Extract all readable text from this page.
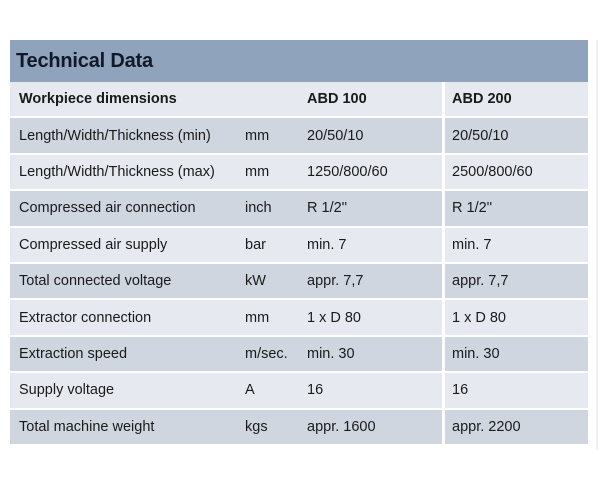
Technical Data
Workpiece dimensions		ABD 100	ABD 200
Length/Width/Thickness (min)	mm	20/50/10	20/50/10
Length/Width/Thickness (max)	mm	1250/800/60	2500/800/60
Compressed air connection	inch	R 1/2''	R 1/2''
Compressed air supply	bar	min. 7	min. 7
Total connected voltage	kW	appr. 7,7	appr. 7,7
Extractor connection	mm	1 x D 80	1 x D 80
Extraction speed	m/sec.	min. 30	min. 30
Supply voltage	A	16	16
Total machine weight	kgs	appr. 1600	appr. 2200
